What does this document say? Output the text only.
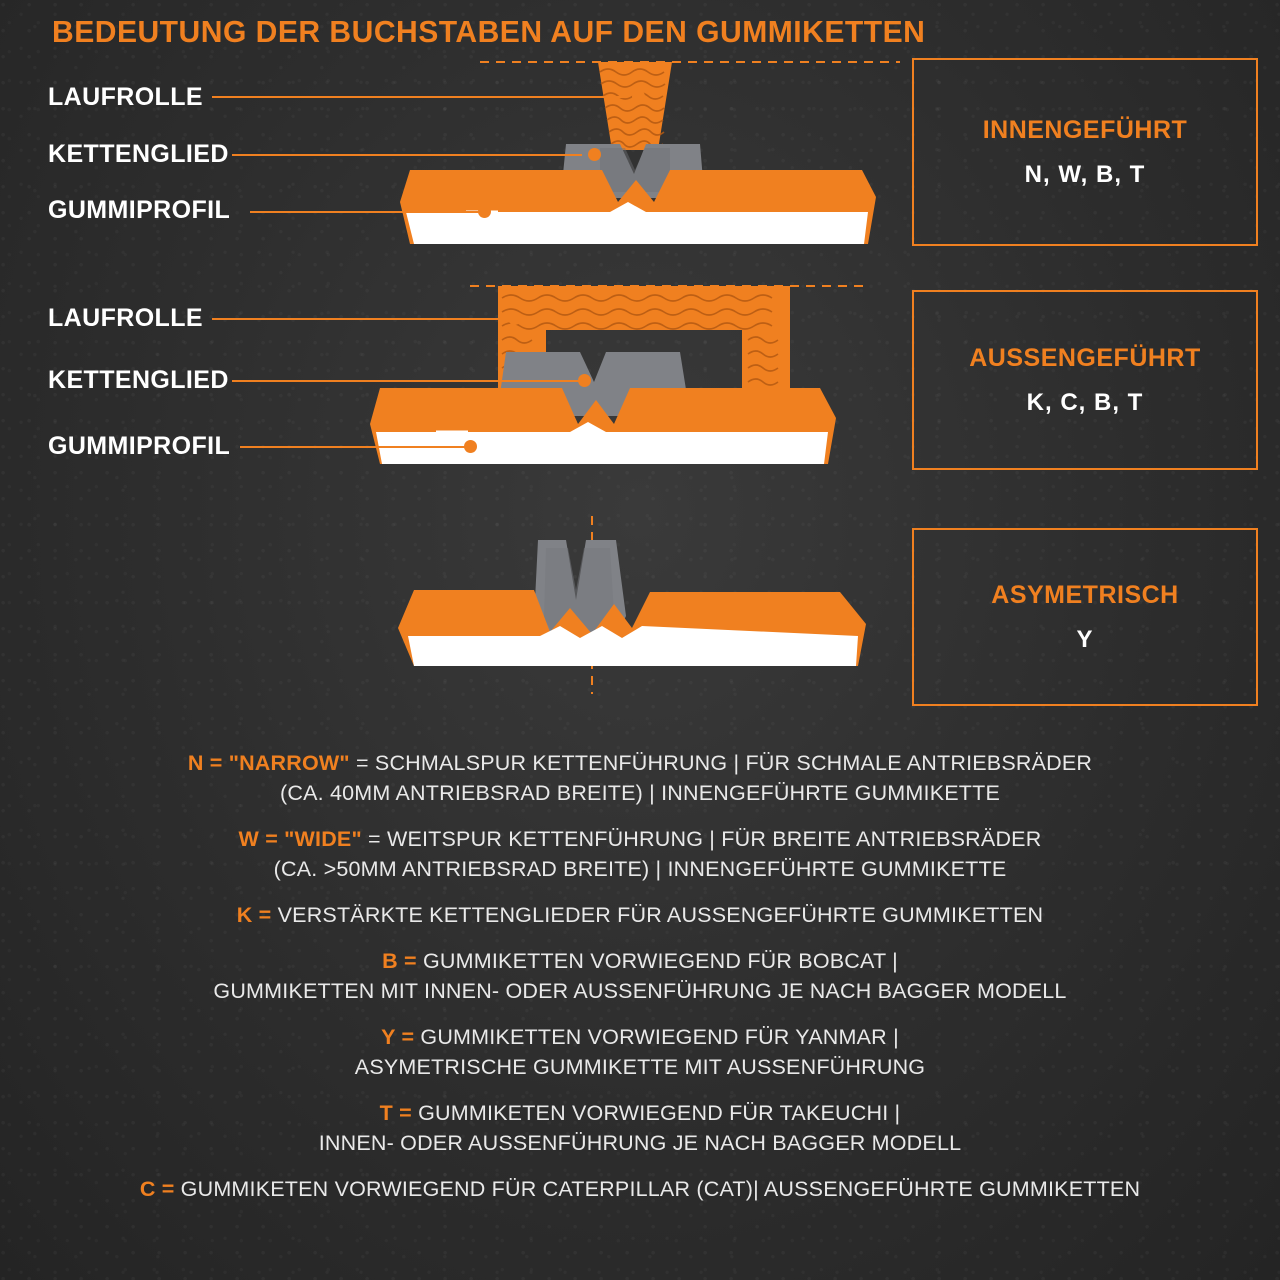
BEDEUTUNG DER BUCHSTABEN AUF DEN GUMMIKETTEN
LAUFROLLE
KETTENGLIED
GUMMIPROFIL
LAUFROLLE
KETTENGLIED
GUMMIPROFIL
INNENGEFÜHRT
N, W, B, T
AUSSENGEFÜHRT
K, C, B, T
ASYMETRISCH
Y
N = "NARROW" = SCHMALSPUR KETTENFÜHRUNG | FÜR SCHMALE ANTRIEBSRÄDER
(CA. 40MM ANTRIEBSRAD BREITE) | INNENGEFÜHRTE GUMMIKETTE
W = "WIDE" = WEITSPUR KETTENFÜHRUNG | FÜR BREITE ANTRIEBSRÄDER
(CA. >50MM ANTRIEBSRAD BREITE) | INNENGEFÜHRTE GUMMIKETTE
K = VERSTÄRKTE KETTENGLIEDER FÜR AUSSENGEFÜHRTE GUMMIKETTEN
B = GUMMIKETTEN VORWIEGEND FÜR BOBCAT |
GUMMIKETTEN MIT INNEN- ODER AUSSENFÜHRUNG JE NACH BAGGER MODELL
Y = GUMMIKETTEN VORWIEGEND FÜR YANMAR |
ASYMETRISCHE GUMMIKETTE MIT AUSSENFÜHRUNG
T = GUMMIKETEN VORWIEGEND FÜR TAKEUCHI |
INNEN- ODER AUSSENFÜHRUNG JE NACH BAGGER MODELL
C = GUMMIKETEN VORWIEGEND FÜR CATERPILLAR (CAT)| AUSSENGEFÜHRTE GUMMIKETTEN
